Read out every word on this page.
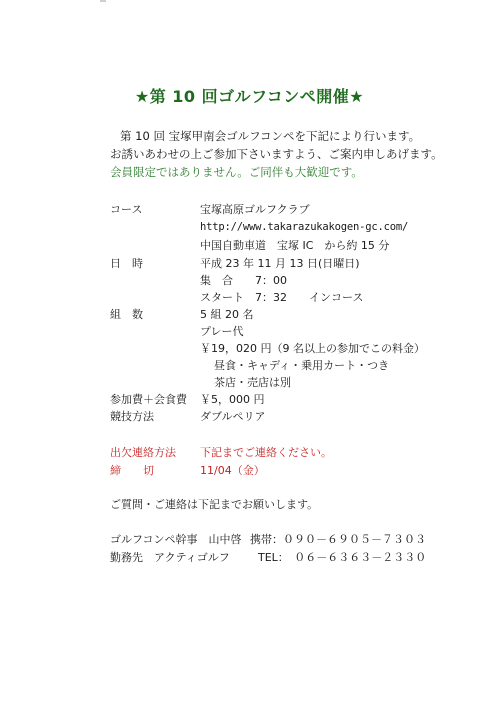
★第 10 回ゴルフコンペ開催★
第 10 回 宝塚甲南会ゴルフコンペを下記により行います。
お誘いあわせの上ご参加下さいますよう、ご案内申しあげます。
会員限定ではありません。ご同伴も大歓迎です。
コース	宝塚高原ゴルフクラブ
http://www.takarazukakogen-gc.com/
中国自動車道　宝塚 IC　から約 15 分
日　時	平成 23 年 11 月 13 日(日曜日)
集　合　　7：00
スタート　7：32　　インコース
組　数	5 組 20 名
プレー代
￥19，020 円（9 名以上の参加でこの料金）
昼食・キャディ・乗用カート・つき
茶店・売店は別
参加費＋会食費 ￥5，000 円
競技方法	ダブルペリア
出欠連絡方法 下記までご連絡ください。
締　　切	11/04（金）
ご質問・ご連絡は下記までお願いします。
ゴルフコンペ幹事　山中啓 携帯：０９０－６９０５－７３０３
勤務先　アクティゴルフ	TEL：　０６－６３６３－２３３０
